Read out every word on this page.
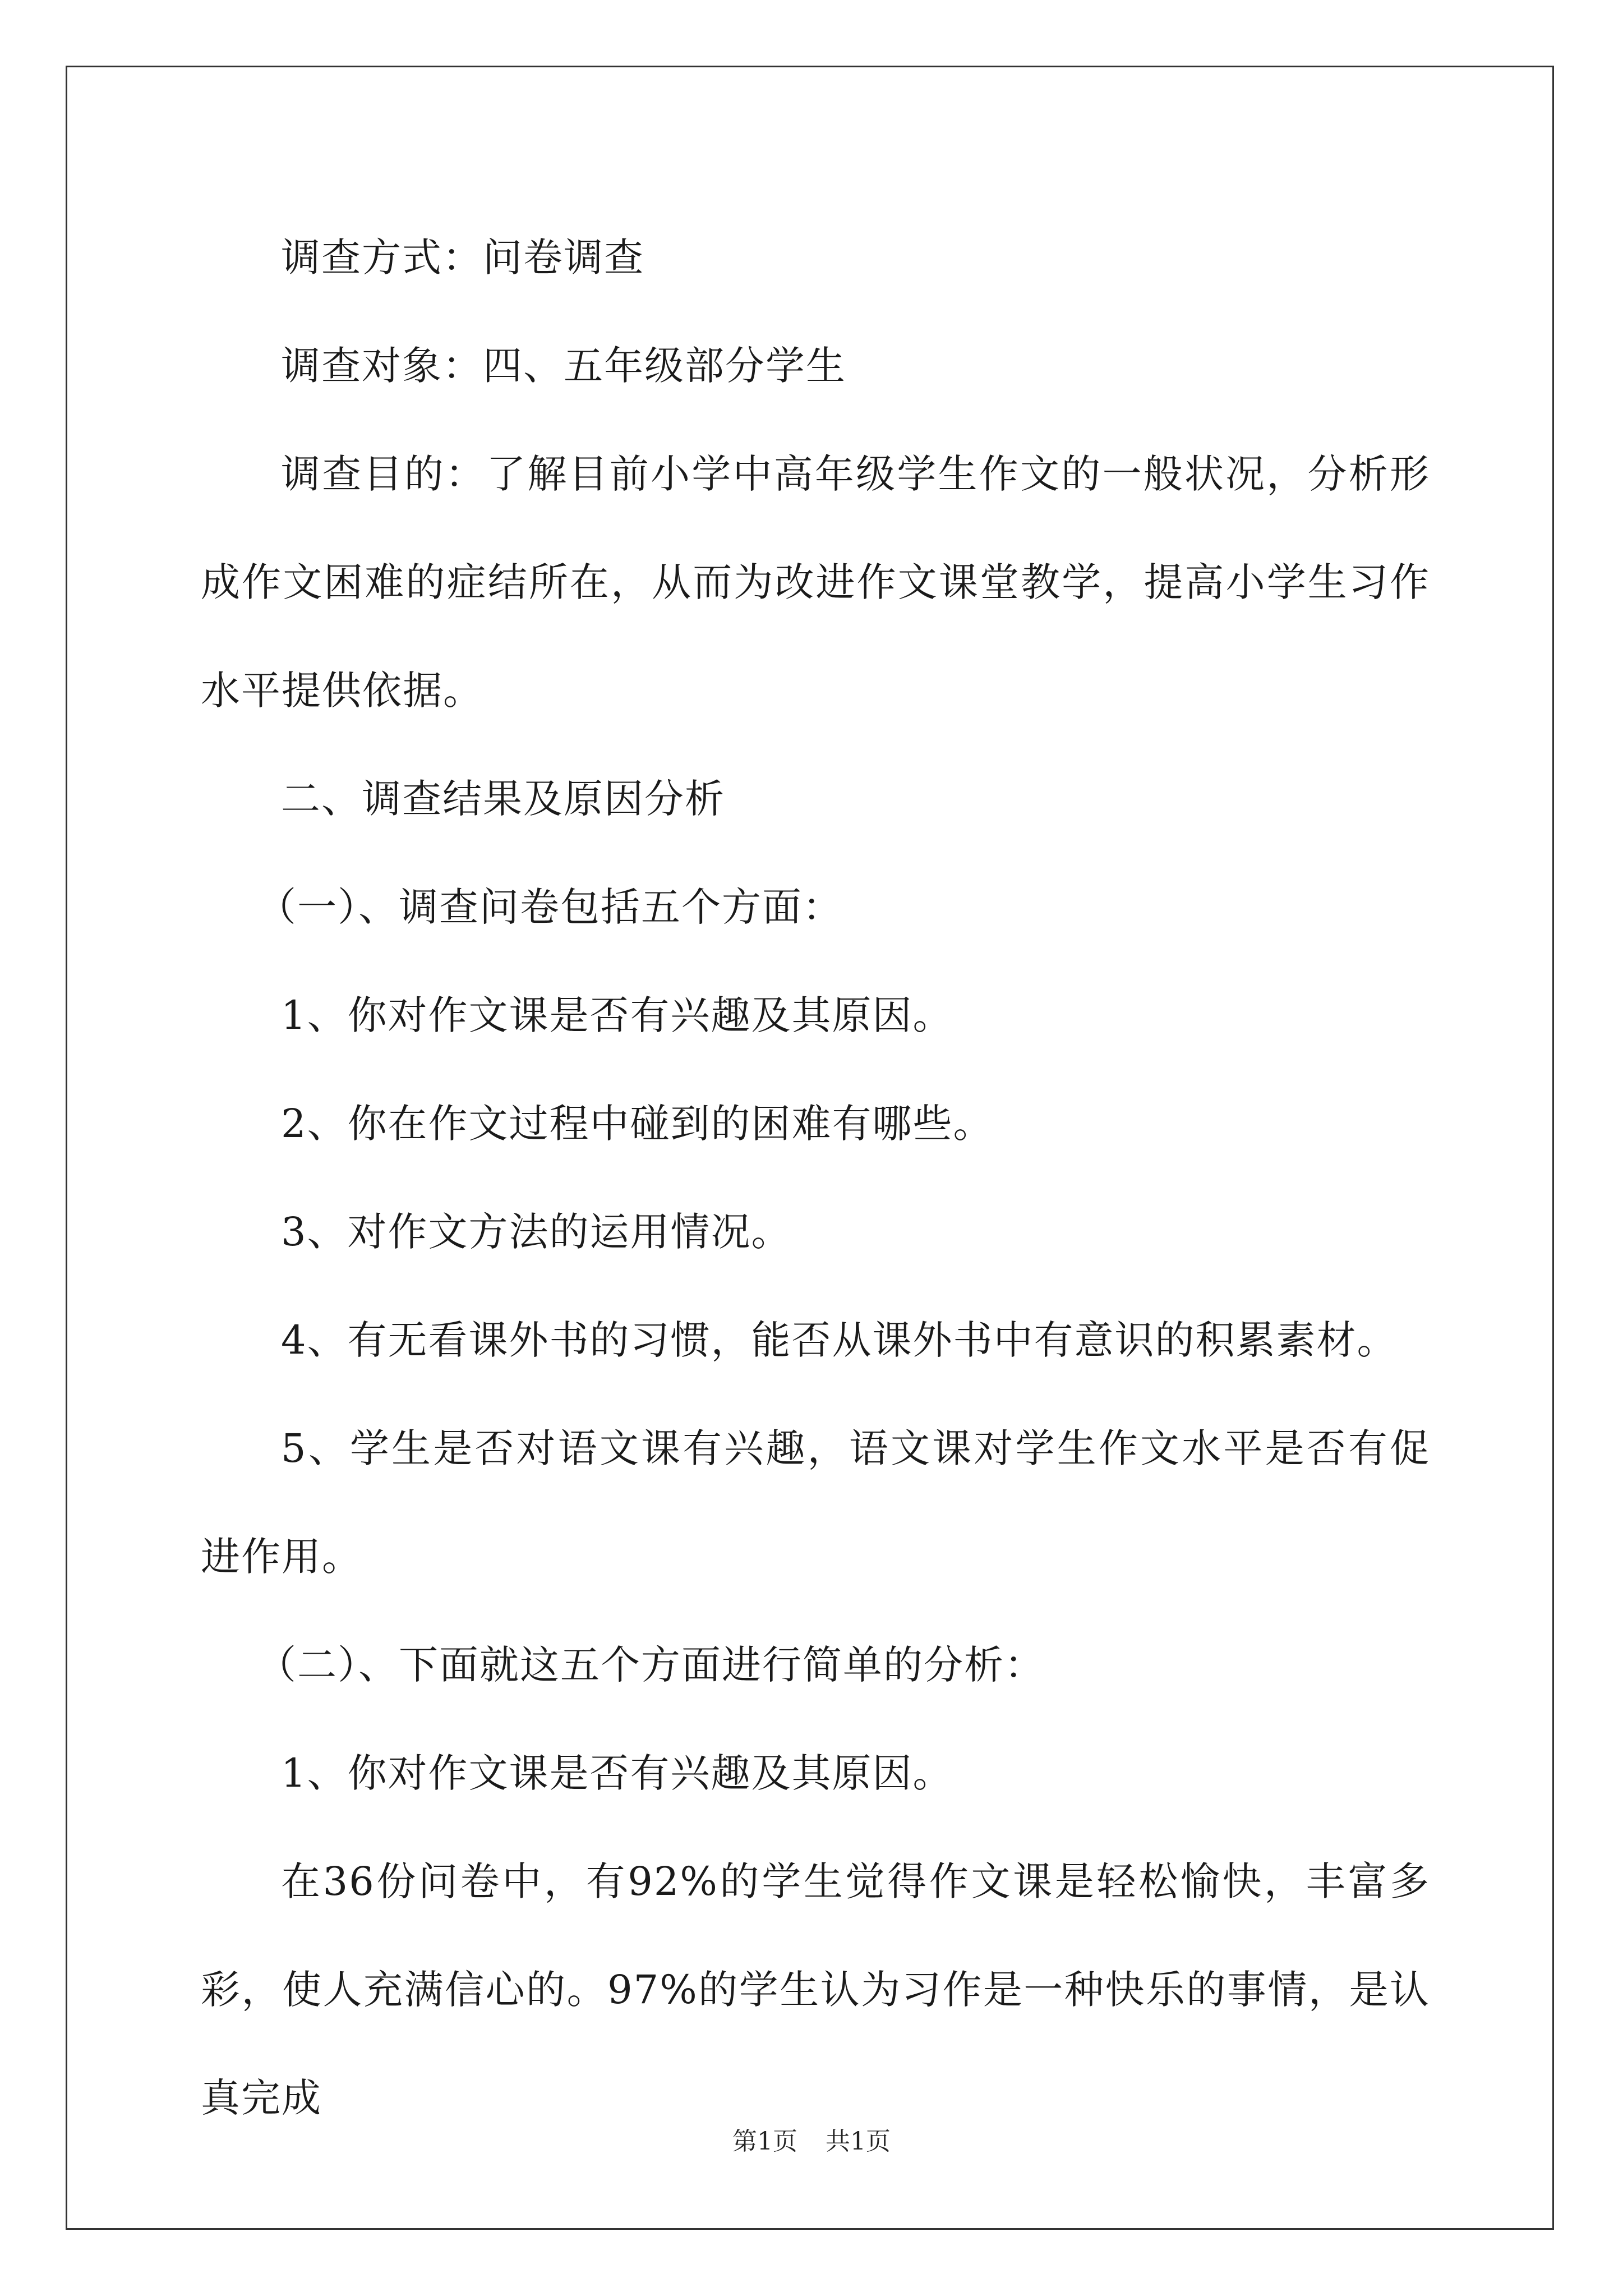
调查方式：问卷调查

调查对象：四、五年级部分学生

调查目的：了解目前小学中高年级学生作文的一般状况，分析形成作文困难的症结所在，从而为改进作文课堂教学，提高小学生习作水平提供依据。

二、调查结果及原因分析

（一）、调查问卷包括五个方面：

1、你对作文课是否有兴趣及其原因。

2、你在作文过程中碰到的困难有哪些。

3、对作文方法的运用情况。

4、有无看课外书的习惯，能否从课外书中有意识的积累素材。

5、学生是否对语文课有兴趣，语文课对学生作文水平是否有促进作用。

（二）、下面就这五个方面进行简单的分析：

1、你对作文课是否有兴趣及其原因。

在36份问卷中，有92%的学生觉得作文课是轻松愉快，丰富多彩，使人充满信心的。97%的学生认为习作是一种快乐的事情，是认真完成

第1页 共1页
